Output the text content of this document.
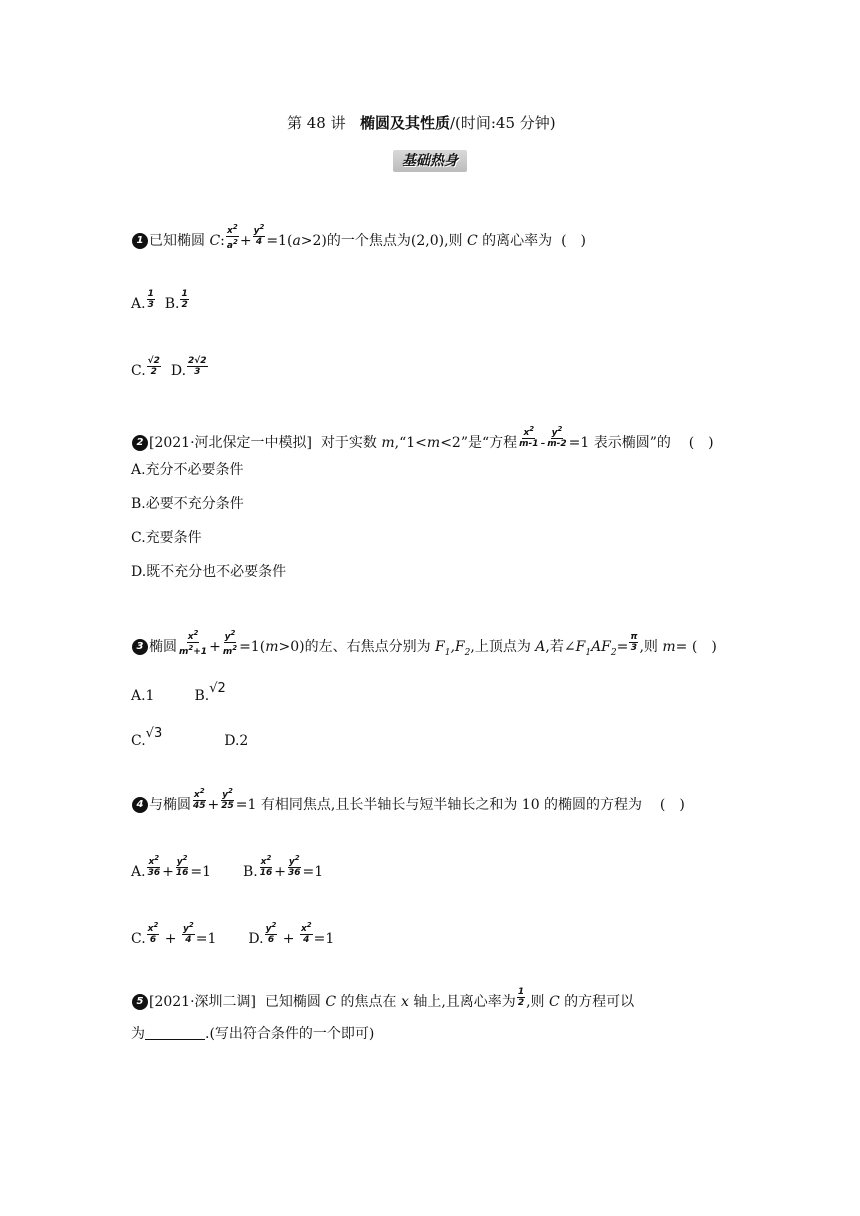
第 48 讲 椭圆及其性质/(时间:45 分钟)
基础热身
1 已知椭圆 C: $\frac{x^2}{a^2} + \frac{y^2}{4} =1(a>2)$的一个焦点为(2,0),则 C 的离心率为 (　)
A. $\frac{1}{3} B$. $\frac{1}{2}$
C. $\frac{√2}{2} D$. $\frac{2√2}{3}$
2 [2021·河北保定一中模拟] 对于实数 m,“1<m<2”是“方程 $\frac{x^2}{m-1} - \frac{y^2}{m-2} =1$ 表示椭圆”的 (　)
A.充分不必要条件
B.必要不充分条件
C.充要条件
D.既不充分也不必要条件
3 椭圆 $\frac{x^2}{m^2+1} + \frac{y^2}{m^2} =1(m>0)$的左、右焦点分别为 $F_1,F_2$,上顶点为 A,若$\angle F_1AF_2= \frac{\pi}{3}$ ,则 m= (　)
A.1	B.√2
C.√3	D.2
4 与椭圆 $\frac{x^2}{45} + \frac{y^2}{25} =1$ 有相同焦点,且长半轴长与短半轴长之和为 10 的椭圆的方程为 (　)
A. $\frac{x^2}{36} + \frac{y^2}{16} =1$ B. $\frac{x^2}{16} + \frac{y^2}{36} =1$
C. $\frac{x^2}{6} + \frac{y^2}{4} =1$ D. $\frac{y^2}{6} + \frac{x^2}{4} =1$
5 [2021·深圳二调] 已知椭圆 C 的焦点在 x 轴上,且离心率为 $\frac{1}{2}$ ,则 C 的方程可以
为	.(写出符合条件的一个即可)
